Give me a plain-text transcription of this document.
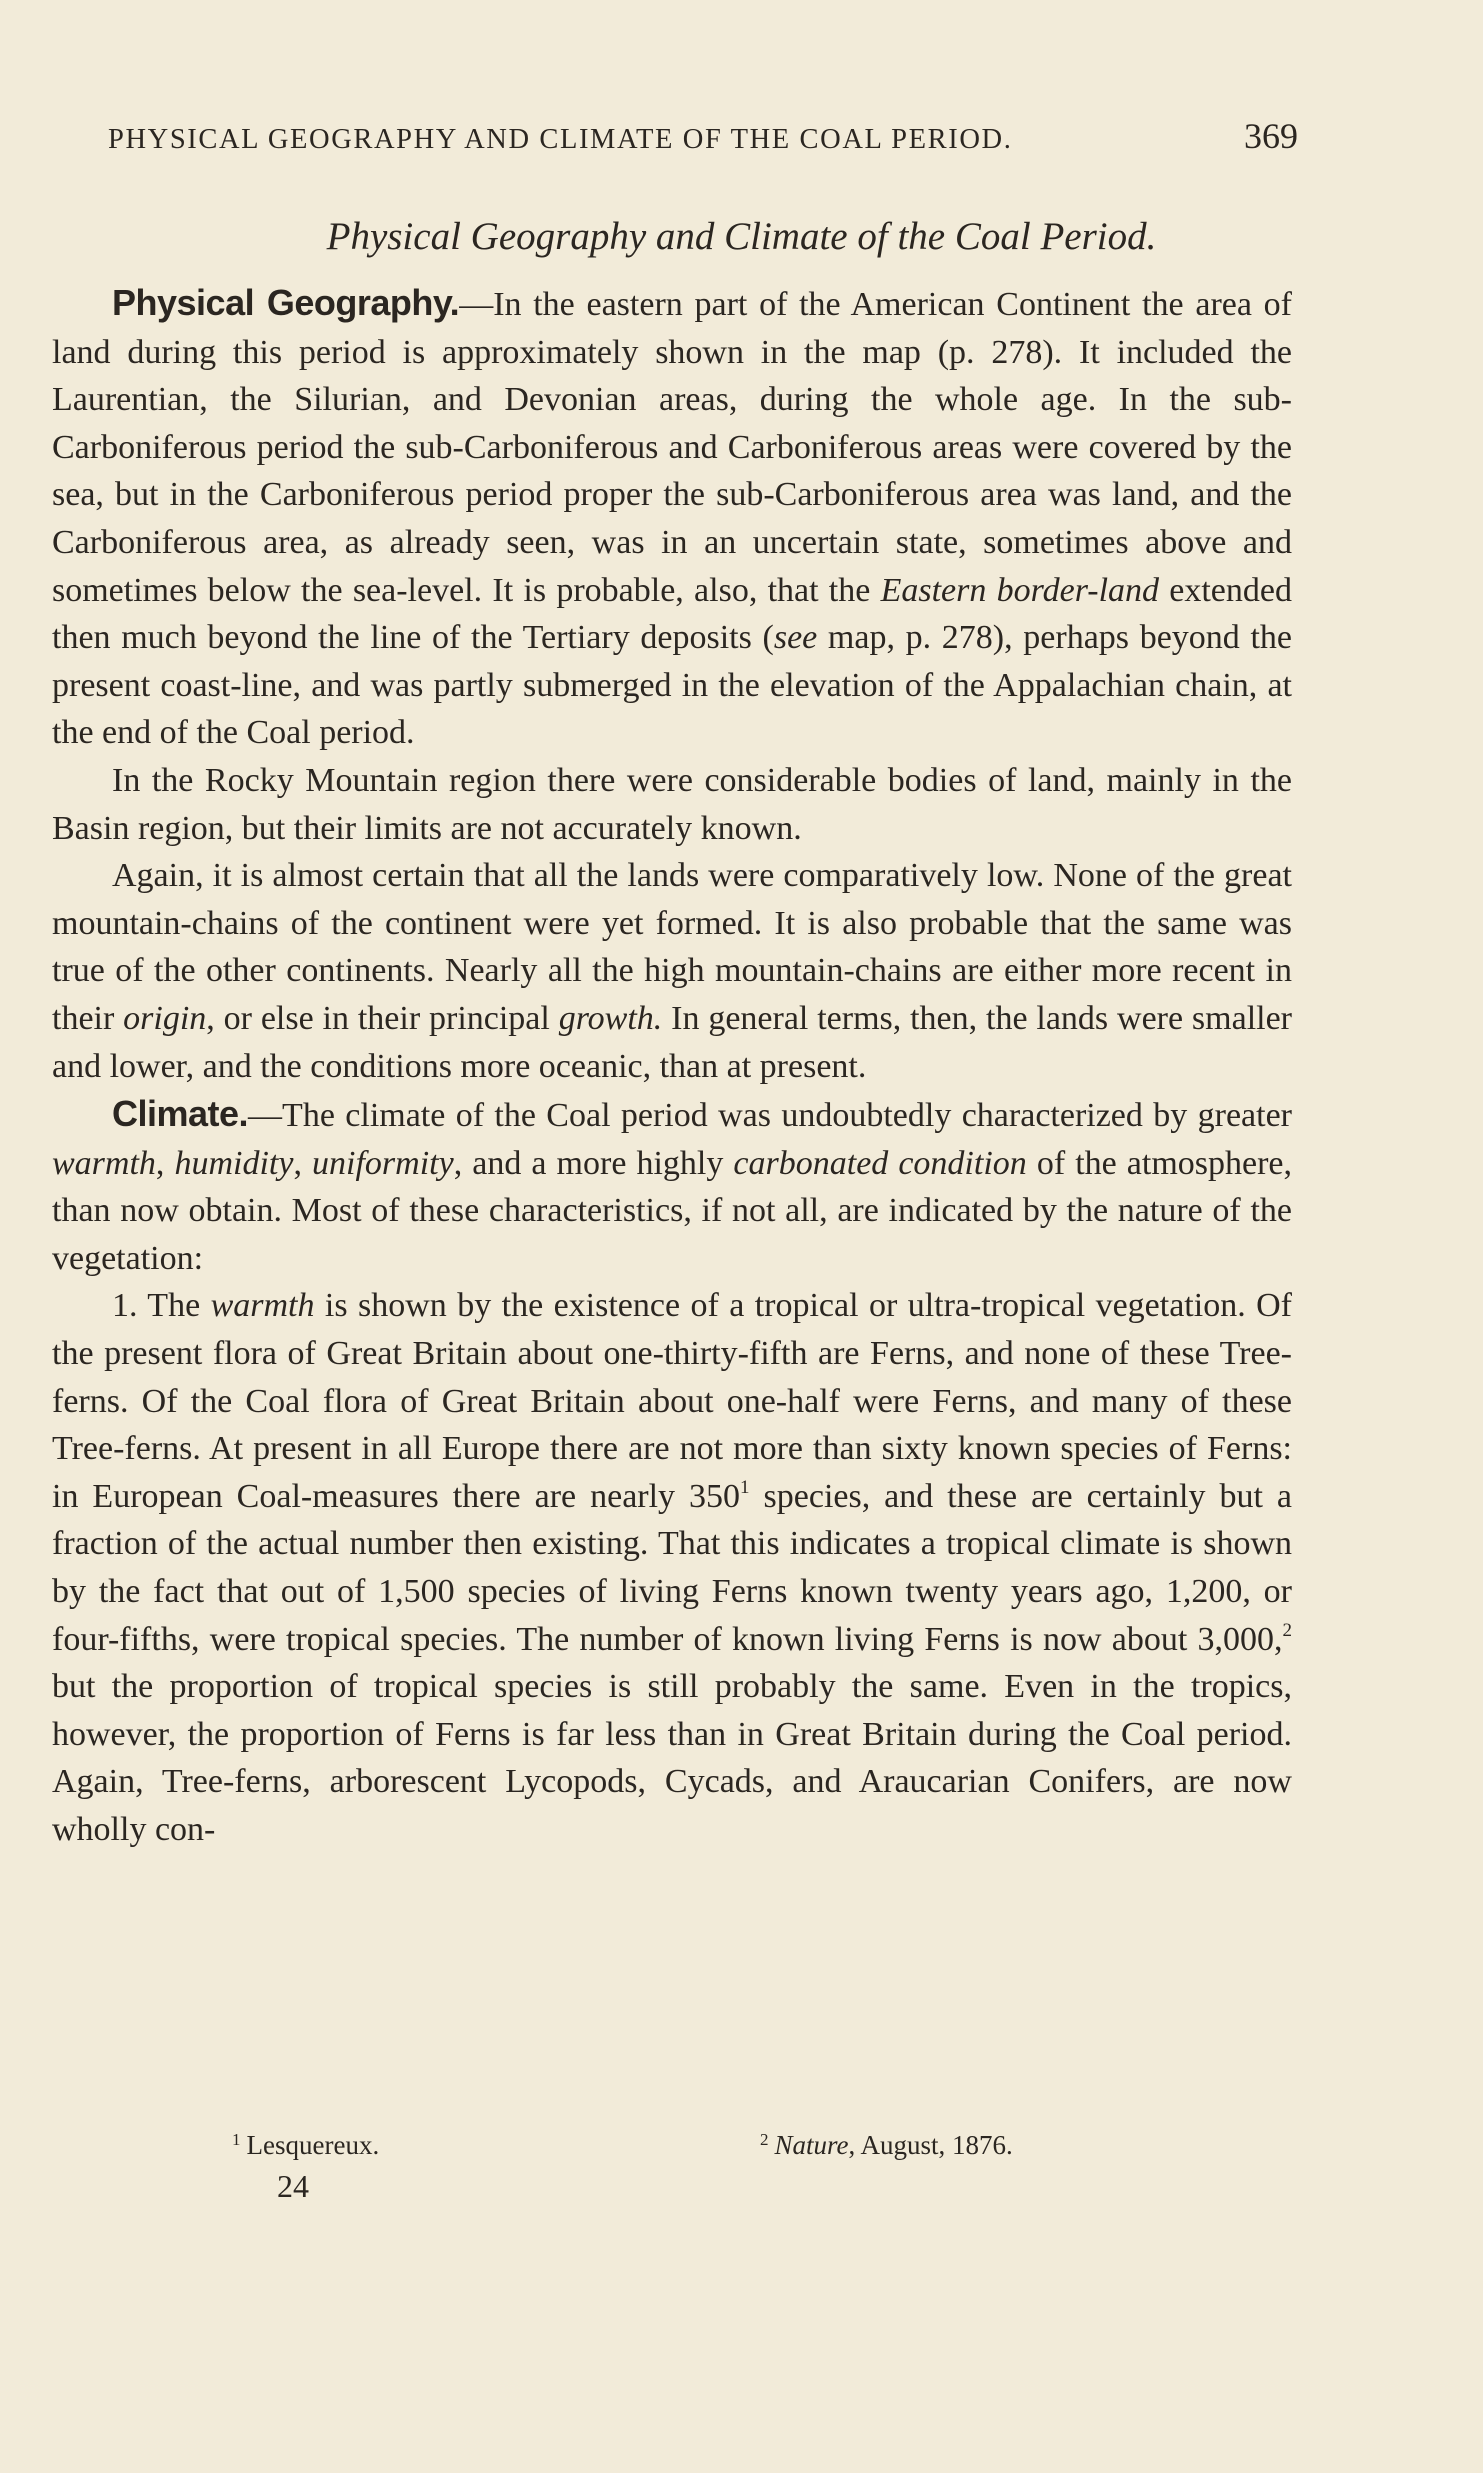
PHYSICAL GEOGRAPHY AND CLIMATE OF THE COAL PERIOD.	369
Physical Geography and Climate of the Coal Period.

Physical Geography.—In the eastern part of the American Continent the area of land during this period is approximately shown in the map (p. 278). It included the Laurentian, the Silurian, and Devonian areas, during the whole age. In the sub-Carboniferous period the sub-Carboniferous and Carboniferous areas were covered by the sea, but in the Carboniferous period proper the sub-Carboniferous area was land, and the Carboniferous area, as already seen, was in an uncertain state, sometimes above and sometimes below the sea-level. It is probable, also, that the Eastern border-land extended then much beyond the line of the Tertiary deposits (see map, p. 278), perhaps beyond the present coast-line, and was partly submerged in the elevation of the Appalachian chain, at the end of the Coal period.

In the Rocky Mountain region there were considerable bodies of land, mainly in the Basin region, but their limits are not accurately known.

Again, it is almost certain that all the lands were comparatively low. None of the great mountain-chains of the continent were yet formed. It is also probable that the same was true of the other continents. Nearly all the high mountain-chains are either more recent in their origin, or else in their principal growth. In general terms, then, the lands were smaller and lower, and the conditions more oceanic, than at present.

Climate.—The climate of the Coal period was undoubtedly characterized by greater warmth, humidity, uniformity, and a more highly carbonated condition of the atmosphere, than now obtain. Most of these characteristics, if not all, are indicated by the nature of the vegetation:

1. The warmth is shown by the existence of a tropical or ultra-tropical vegetation. Of the present flora of Great Britain about one-thirty-fifth are Ferns, and none of these Tree-ferns. Of the Coal flora of Great Britain about one-half were Ferns, and many of these Tree-ferns. At present in all Europe there are not more than sixty known species of Ferns: in European Coal-measures there are nearly 350$^1$ species, and these are certainly but a fraction of the actual number then existing. That this indicates a tropical climate is shown by the fact that out of 1,500 species of living Ferns known twenty years ago, 1,200, or four-fifths, were tropical species. The number of known living Ferns is now about 3,000,$^2$ but the proportion of tropical species is still probably the same. Even in the tropics, however, the proportion of Ferns is far less than in Great Britain during the Coal period. Again, Tree-ferns, arborescent Lycopods, Cycads, and Araucarian Conifers, are now wholly con-

$^1$ Lesquereux.	$^2$ Nature, August, 1876.
24
